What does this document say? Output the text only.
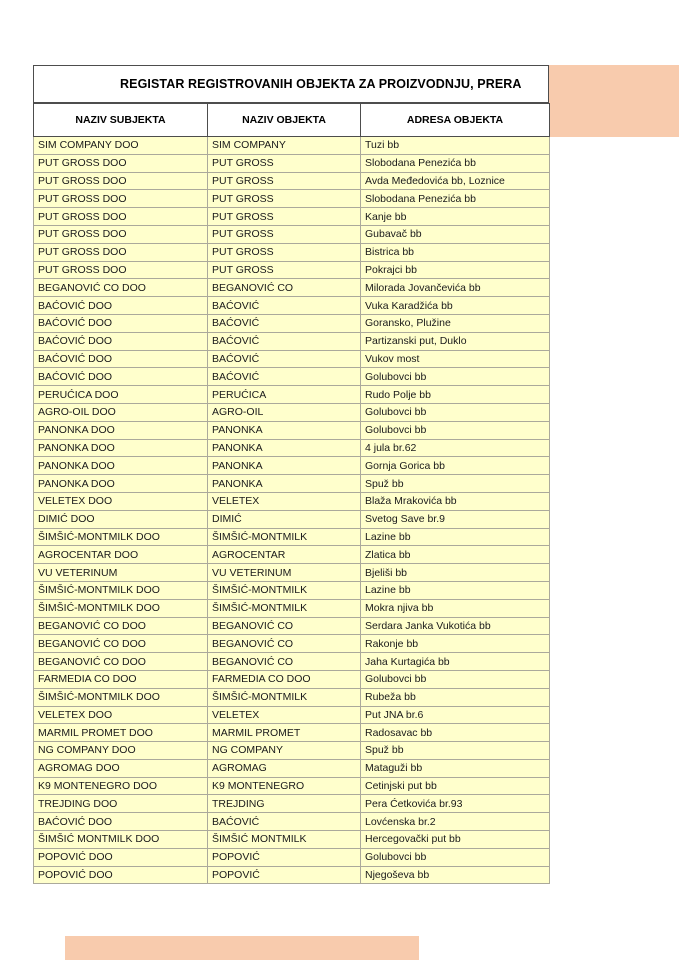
REGISTAR REGISTROVANIH OBJEKTA ZA PROIZVODNJU, PRERA
NAZIV SUBJEKTA	NAZIV OBJEKTA	ADRESA OBJEKTA
SIM COMPANY DOO	SIM COMPANY	Tuzi bb
PUT GROSS DOO	PUT GROSS	Slobodana Penezića bb
PUT GROSS DOO	PUT GROSS	Avda Međedovića bb, Loznice
PUT GROSS DOO	PUT GROSS	Slobodana Penezića bb
PUT GROSS DOO	PUT GROSS	Kanje bb
PUT GROSS DOO	PUT GROSS	Gubavač bb
PUT GROSS DOO	PUT GROSS	Bistrica bb
PUT GROSS DOO	PUT GROSS	Pokrajci bb
BEGANOVIĆ CO DOO	BEGANOVIĆ CO	Milorada Jovančevića bb
BAĆOVIĆ DOO	BAĆOVIĆ	Vuka Karadžića bb
BAĆOVIĆ DOO	BAĆOVIĆ	Goransko, Plužine
BAĆOVIĆ DOO	BAĆOVIĆ	Partizanski put, Duklo
BAĆOVIĆ DOO	BAĆOVIĆ	Vukov most
BAĆOVIĆ DOO	BAĆOVIĆ	Golubovci bb
PERUĆICA DOO	PERUĆICA	Rudo Polje bb
AGRO-OIL DOO	AGRO-OIL	Golubovci bb
PANONKA DOO	PANONKA	Golubovci bb
PANONKA DOO	PANONKA	4 jula br.62
PANONKA DOO	PANONKA	Gornja Gorica bb
PANONKA DOO	PANONKA	Spuž bb
VELETEX DOO	VELETEX	Blaža Mrakovića bb
DIMIĆ DOO	DIMIĆ	Svetog Save br.9
ŠIMŠIĆ-MONTMILK DOO	ŠIMŠIĆ-MONTMILK	Lazine bb
AGROCENTAR DOO	AGROCENTAR	Zlatica bb
VU VETERINUM	VU VETERINUM	Bjeliši bb
ŠIMŠIĆ-MONTMILK DOO	ŠIMŠIĆ-MONTMILK	Lazine bb
ŠIMŠIĆ-MONTMILK DOO	ŠIMŠIĆ-MONTMILK	Mokra njiva bb
BEGANOVIĆ CO DOO	BEGANOVIĆ CO	Serdara Janka Vukotića bb
BEGANOVIĆ CO DOO	BEGANOVIĆ CO	Rakonje bb
BEGANOVIĆ CO DOO	BEGANOVIĆ CO	Jaha Kurtagića bb
FARMEDIA CO DOO	FARMEDIA CO DOO	Golubovci bb
ŠIMŠIĆ-MONTMILK DOO	ŠIMŠIĆ-MONTMILK	Rubeža bb
VELETEX DOO	VELETEX	Put JNA br.6
MARMIL PROMET DOO	MARMIL PROMET	Radosavac bb
NG COMPANY DOO	NG COMPANY	Spuž bb
AGROMAG DOO	AGROMAG	Mataguži bb
K9 MONTENEGRO DOO	K9 MONTENEGRO	Cetinjski put bb
TREJDING DOO	TREJDING	Pera Ćetkovića br.93
BAĆOVIĆ DOO	BAĆOVIĆ	Lovćenska br.2
ŠIMŠIĆ MONTMILK DOO	ŠIMŠIĆ MONTMILK	Hercegovački put bb
POPOVIĆ DOO	POPOVIĆ	Golubovci bb
POPOVIĆ DOO	POPOVIĆ	Njegoševa bb
